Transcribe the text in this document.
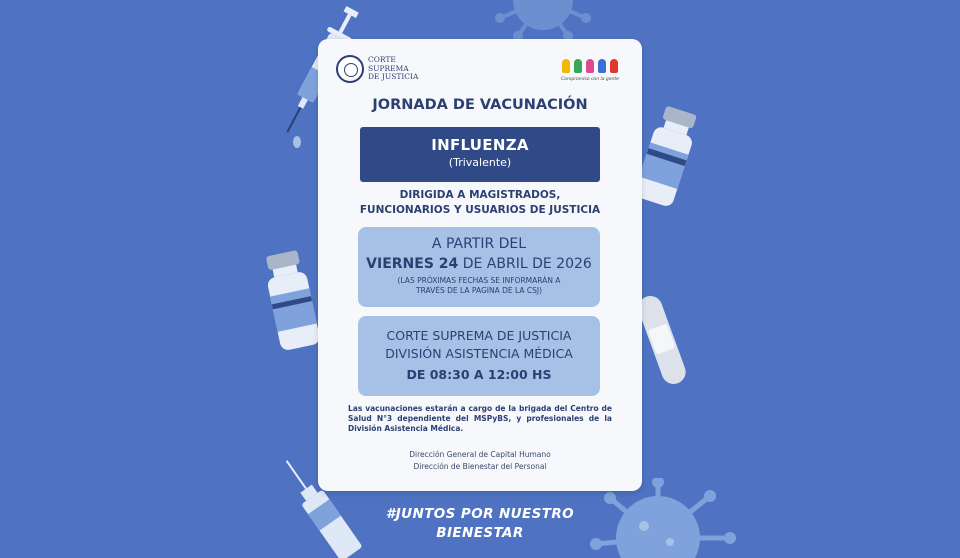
CORTE
SUPREMA
DE JUSTICIA	Compromiso con la gente
JORNADA DE VACUNACIÓN
INFLUENZA
(Trivalente)
DIRIGIDA A MAGISTRADOS,
FUNCIONARIOS Y USUARIOS DE JUSTICIA
A PARTIR DEL
VIERNES 24 DE ABRIL DE 2026
(LAS PRÓXIMAS FECHAS SE INFORMARÁN A
TRAVÉS DE LA PAGINA DE LA CSJ)
CORTE SUPREMA DE JUSTICIA
DIVISIÓN ASISTENCIA MÉDICA
DE 08:30 A 12:00 HS
Las vacunaciones estarán a cargo de la brigada del Centro de Salud N°3 dependiente del MSPyBS, y profesionales de la División Asistencia Médica.
Dirección General de Capital Humano
Dirección de Bienestar del Personal
#JUNTOS POR NUESTRO
BIENESTAR
